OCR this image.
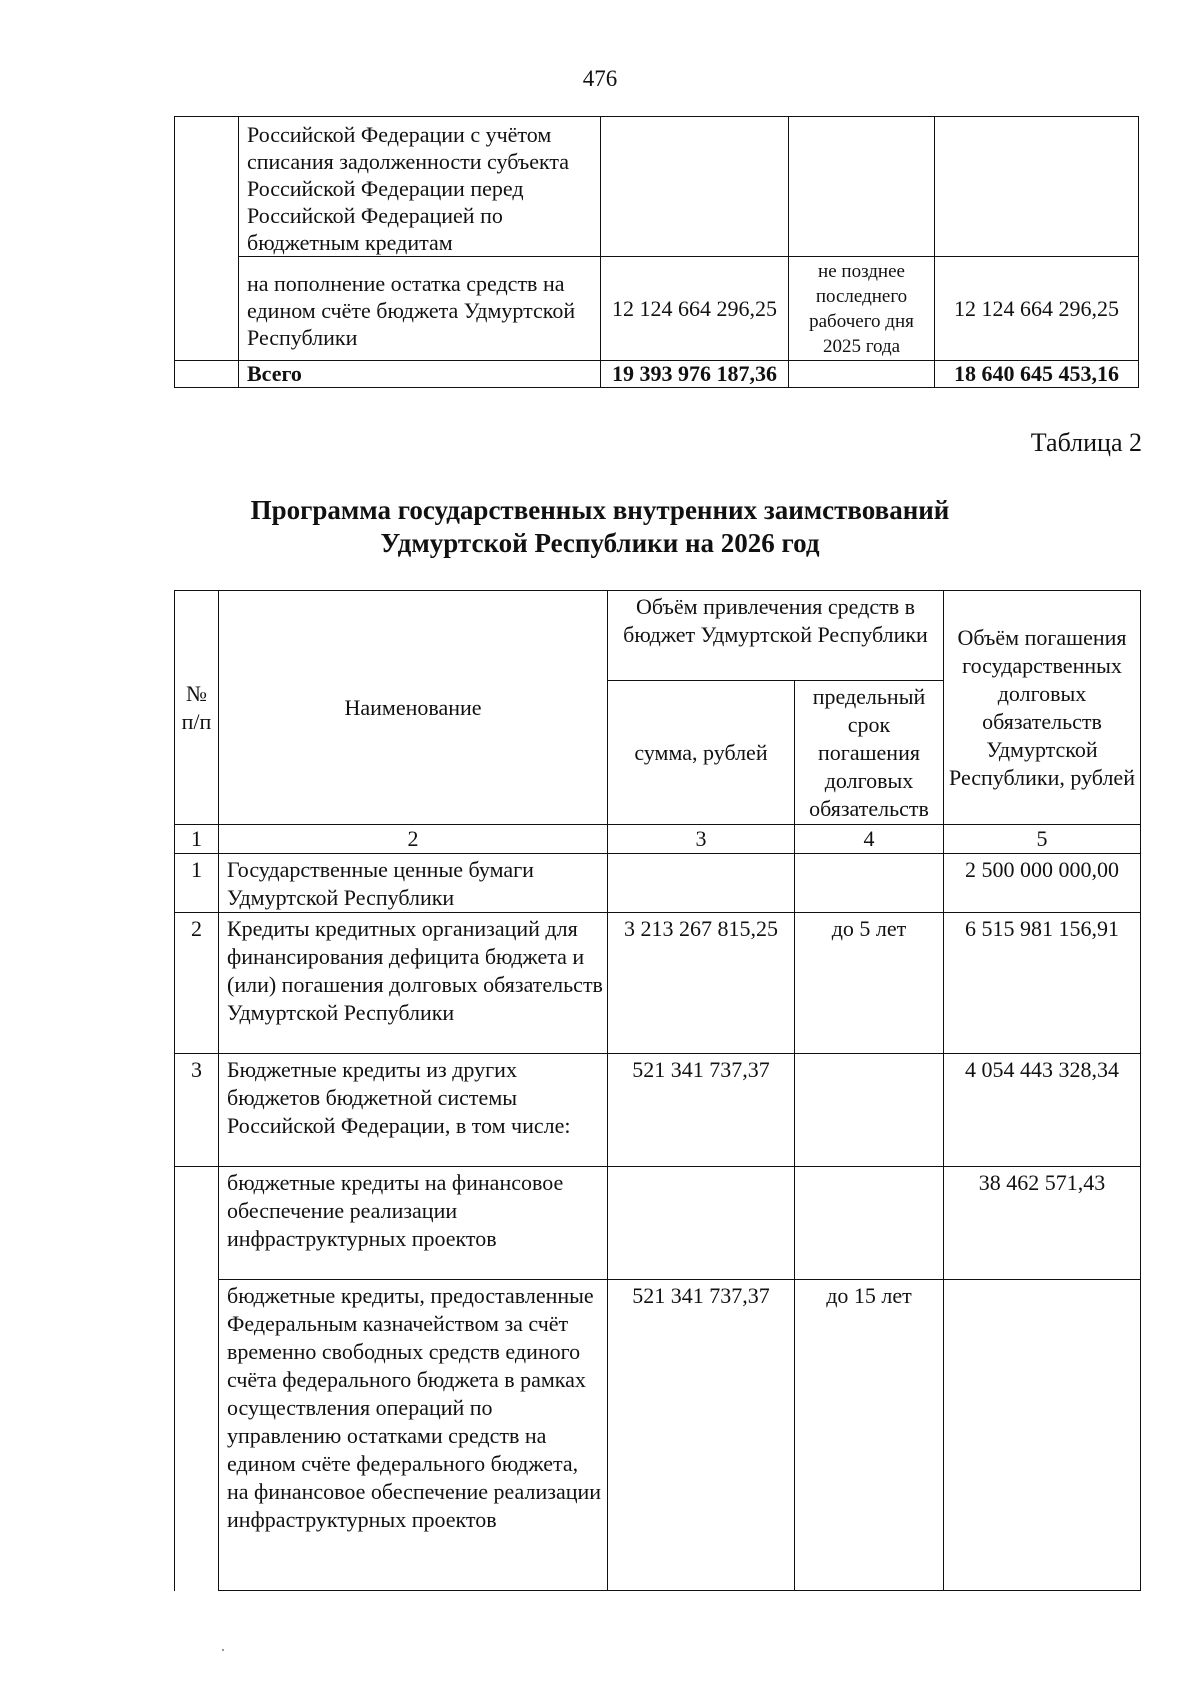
476
	Российской Федерации с учётом списания задолженности субъекта Российской Федерации перед Российской Федерацией по бюджетным кредитам			
	на пополнение остатка средств на едином счёте бюджета Удмуртской Республики	12 124 664 296,25	не позднее последнего рабочего дня 2025 года	12 124 664 296,25
	Всего	19 393 976 187,36		18 640 645 453,16
Таблица 2
Программа государственных внутренних заимствований
Удмуртской Республики на 2026 год
№ п/п	Наименование	Объём привлечения средств в бюджет Удмуртской Республики		Объём погашения государственных долговых обязательств Удмуртской Республики, рублей
		сумма, рублей	предельный срок погашения долговых обязательств	
1	2	3	4	5
1	Государственные ценные бумаги Удмуртской Республики			2 500 000 000,00
2	Кредиты кредитных организаций для финансирования дефицита бюджета и (или) погашения долговых обязательств Удмуртской Республики	3 213 267 815,25	до 5 лет	6 515 981 156,91
3	Бюджетные кредиты из других бюджетов бюджетной системы Российской Федерации, в том числе:	521 341 737,37		4 054 443 328,34
	бюджетные кредиты на финансовое обеспечение реализации инфраструктурных проектов			38 462 571,43
	бюджетные кредиты, предоставленные Федеральным казначейством за счёт временно свободных средств единого счёта федерального бюджета в рамках осуществления операций по управлению остатками средств на едином счёте федерального бюджета, на финансовое обеспечение реализации инфраструктурных проектов	521 341 737,37	до 15 лет	
